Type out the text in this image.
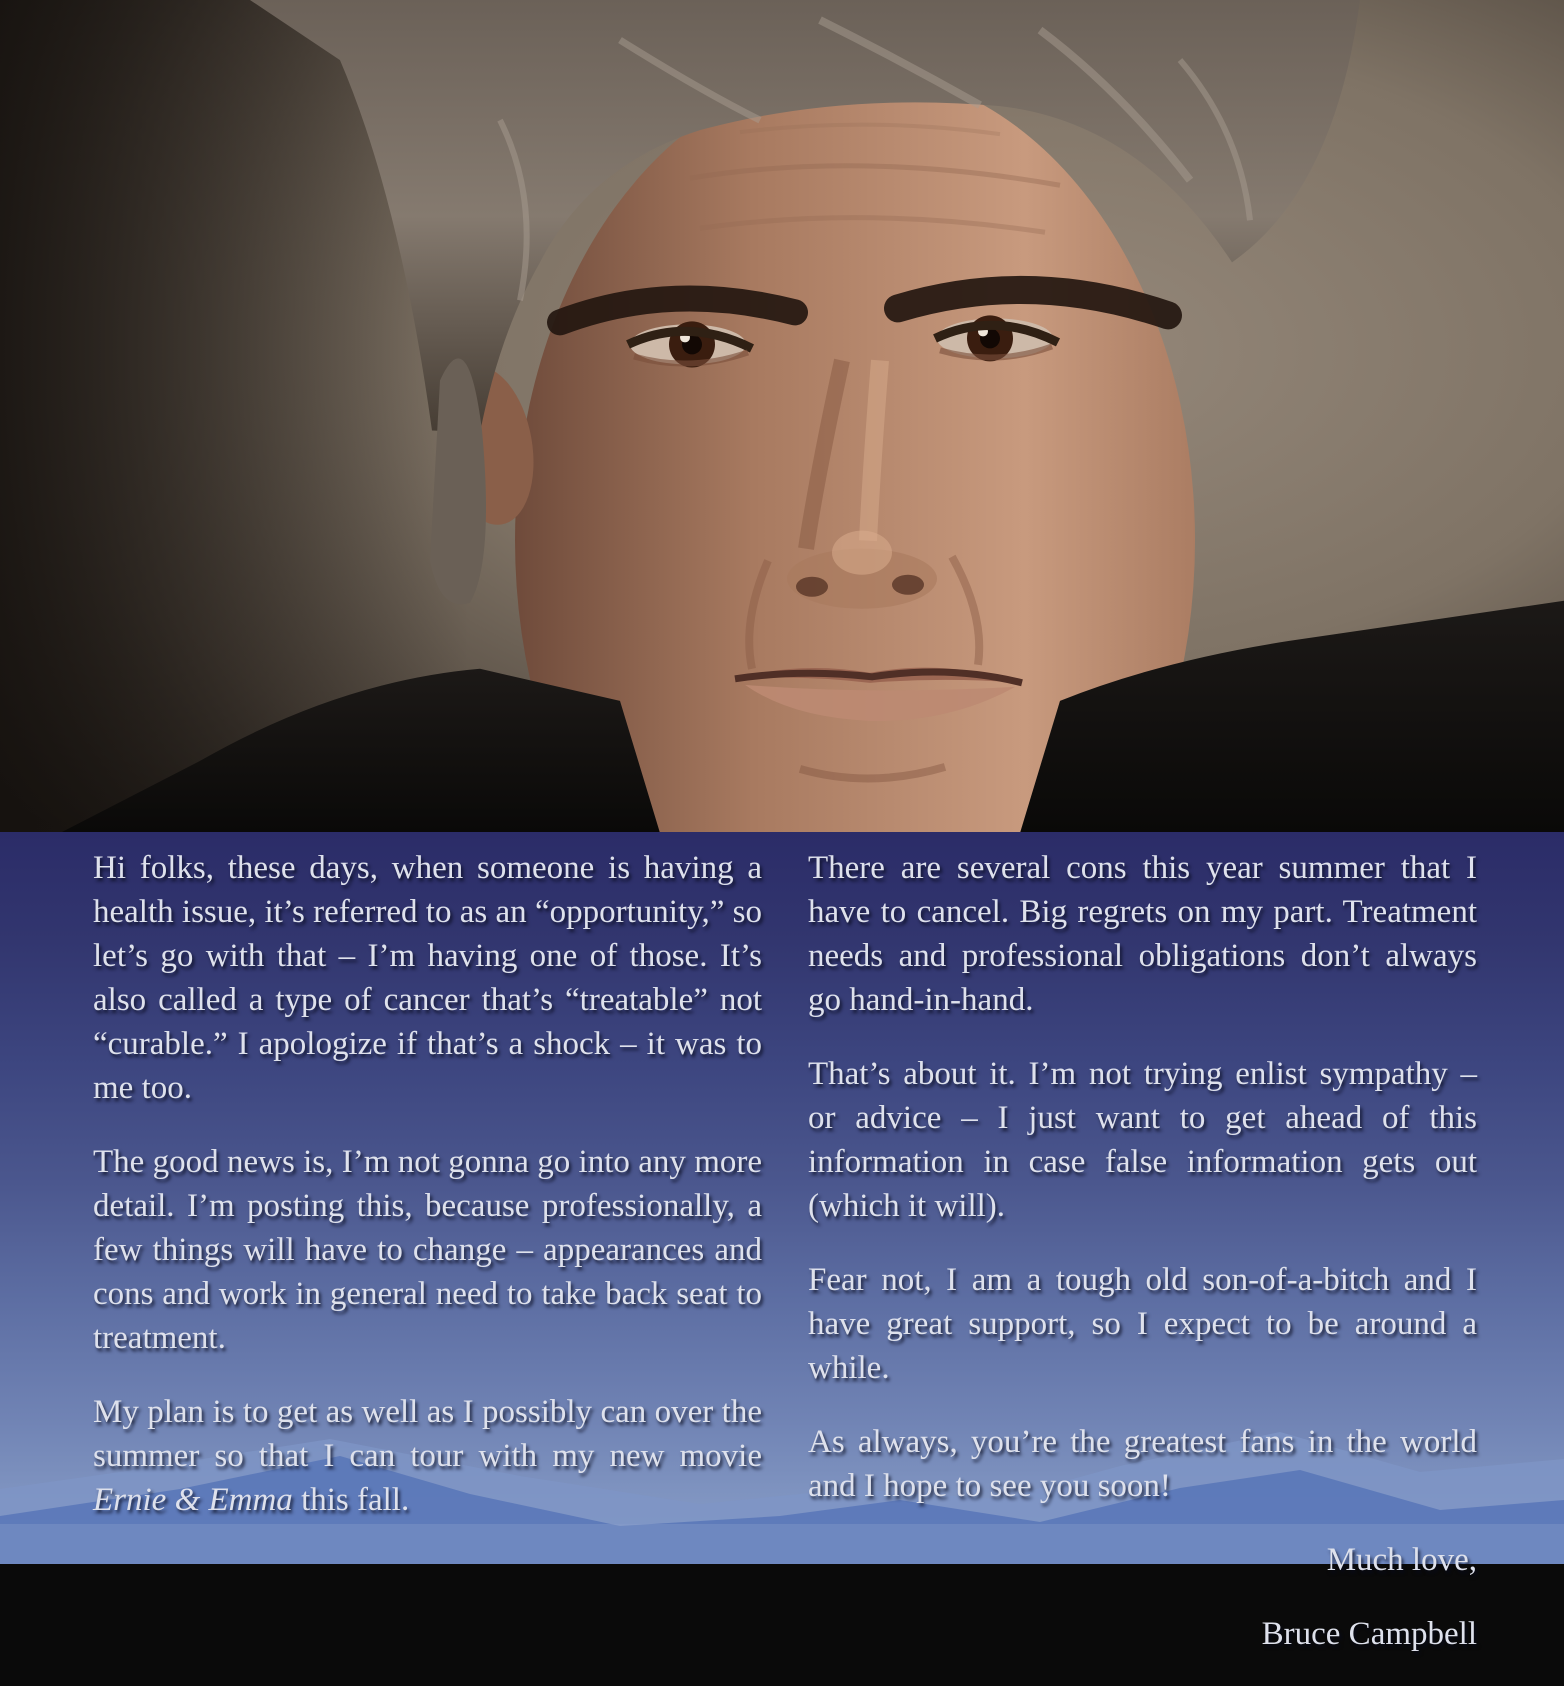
Hi folks, these days, when someone is having a health issue, it’s referred to as an “opportunity,” so let’s go with that – I’m having one of those. It’s also called a type of cancer that’s “treatable” not “curable.” I apologize if that’s a shock – it was to me too.

The good news is, I’m not gonna go into any more detail. I’m posting this, because professionally, a few things will have to change – appearances and cons and work in general need to take back seat to treatment.

My plan is to get as well as I possibly can over the summer so that I can tour with my new movie Ernie & Emma this fall.

There are several cons this year summer that I have to cancel. Big regrets on my part. Treatment needs and professional obligations don’t always go hand-in-hand.

That’s about it. I’m not trying enlist sympathy – or advice – I just want to get ahead of this information in case false information gets out (which it will).

Fear not, I am a tough old son-of-a-bitch and I have great support, so I expect to be around a while.

As always, you’re the greatest fans in the world and I hope to see you soon!

Much love,

Bruce Campbell
